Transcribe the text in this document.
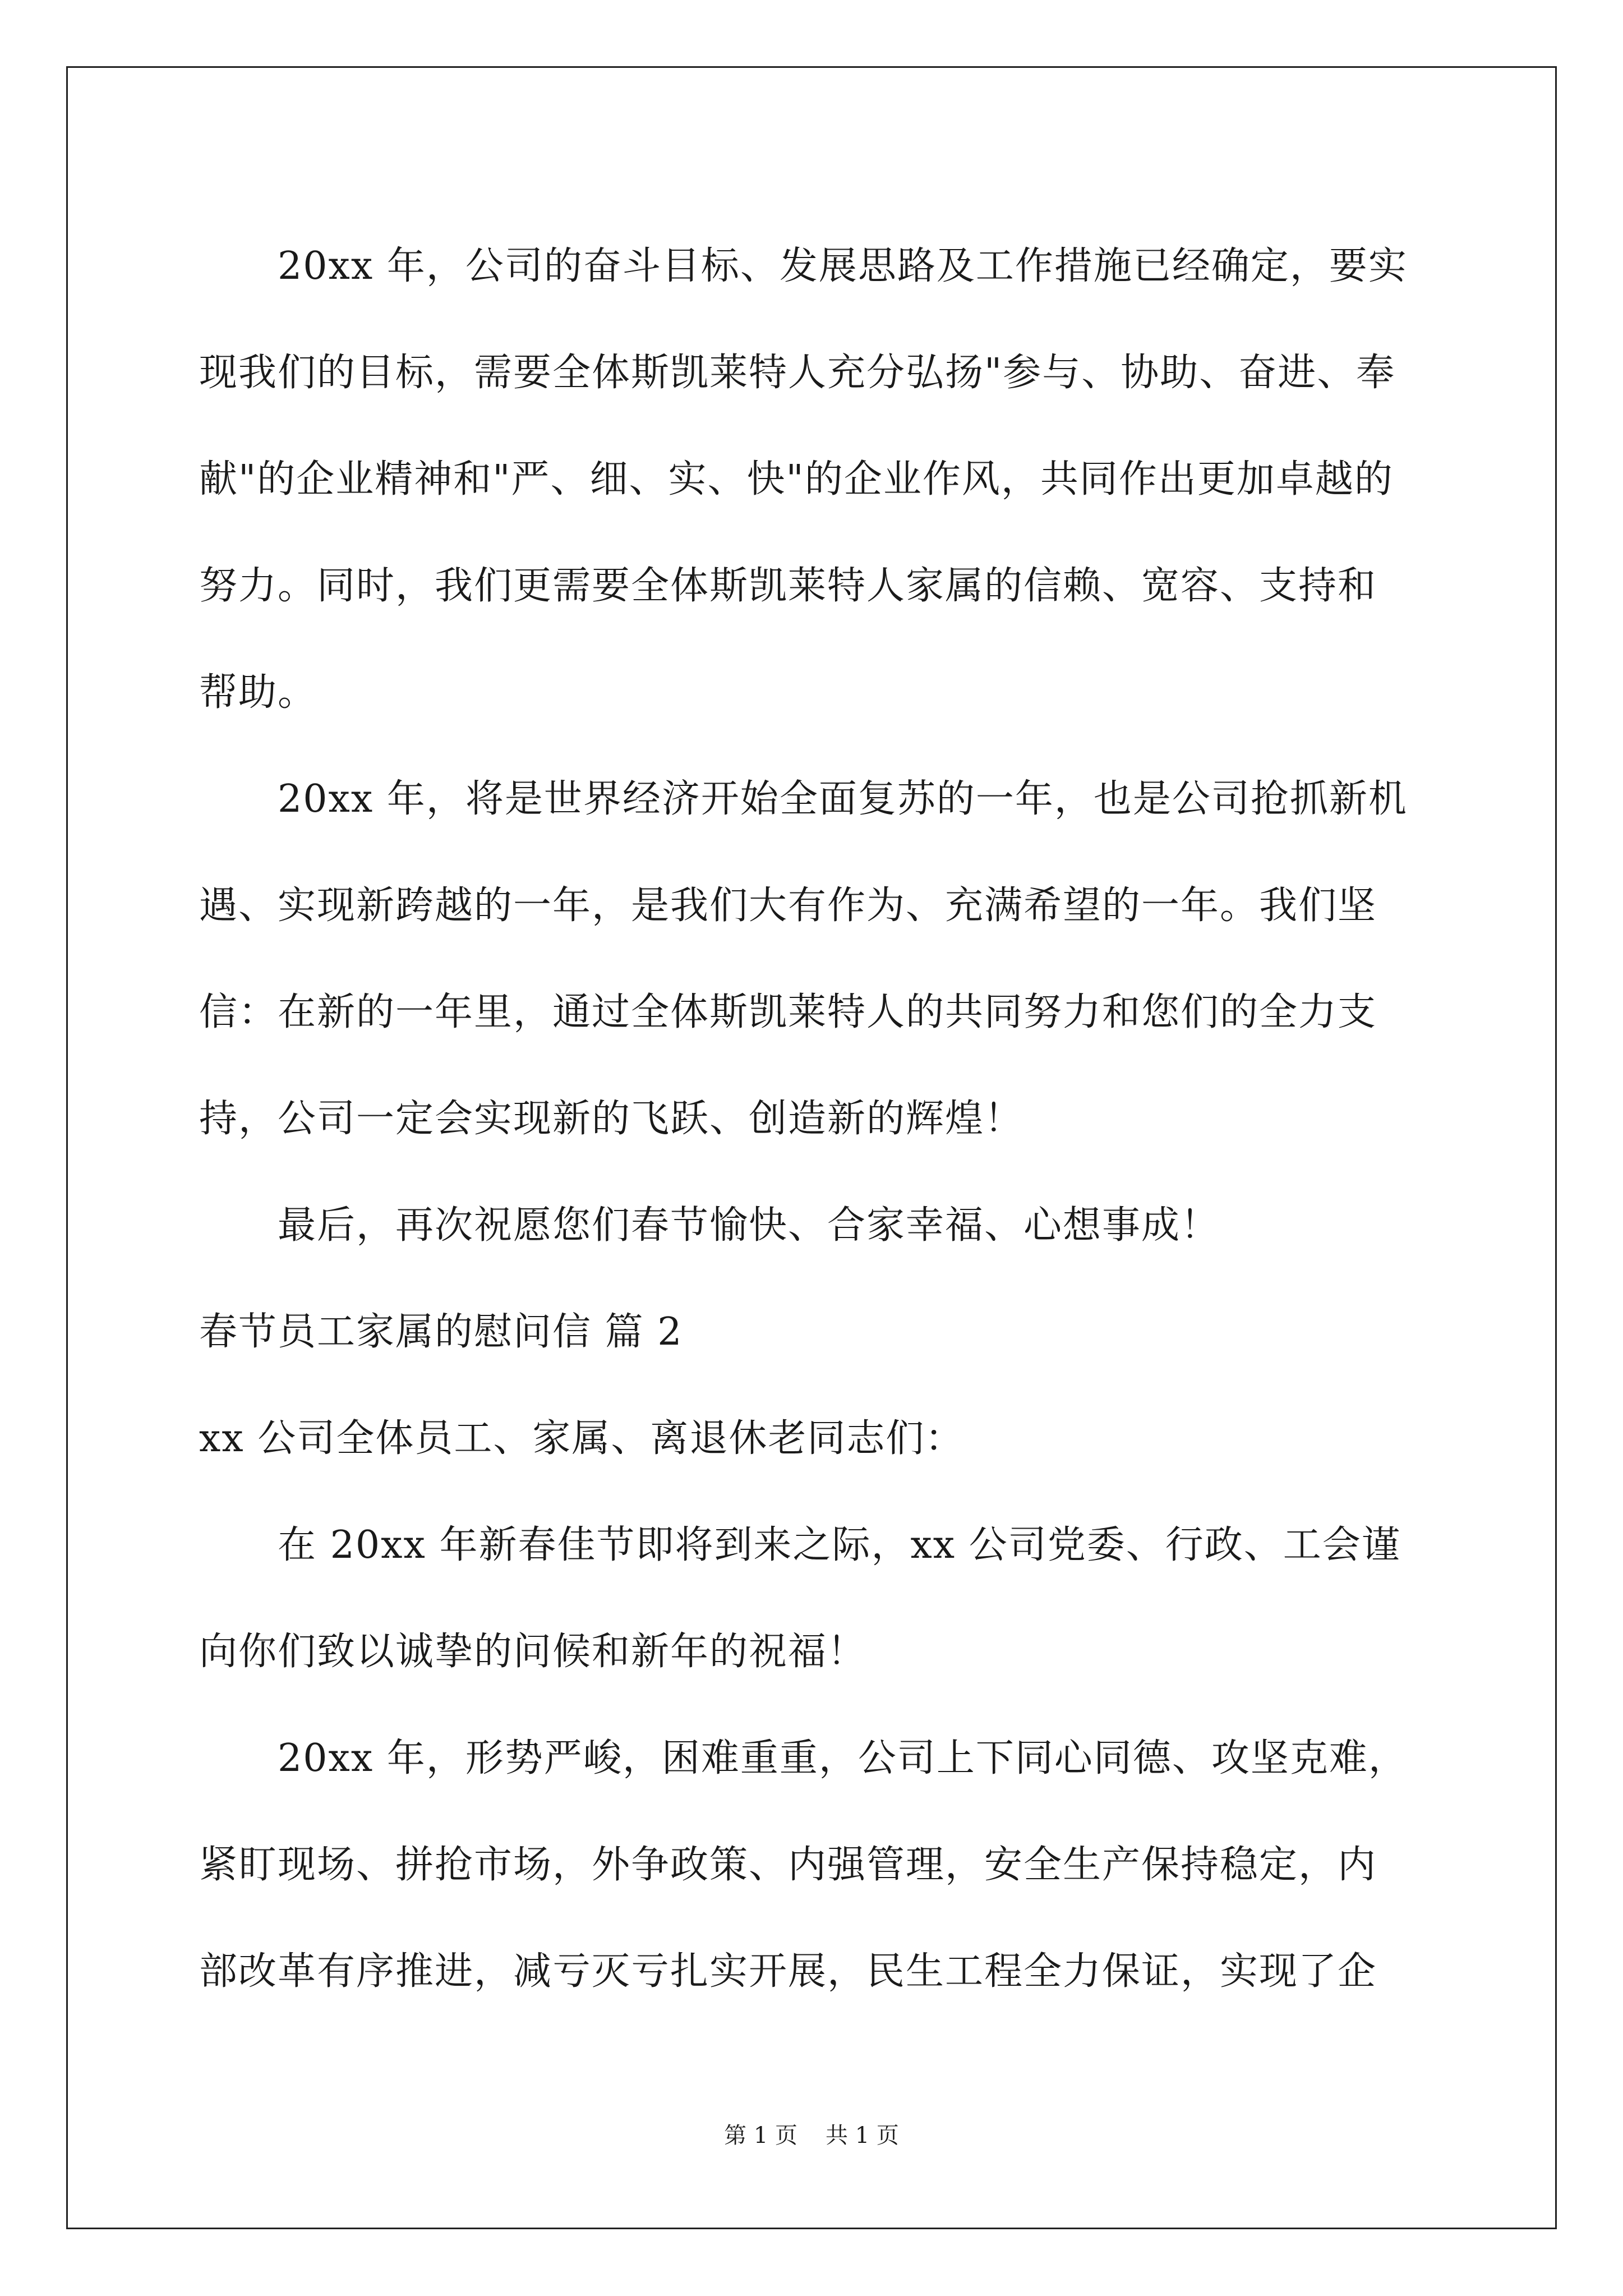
20xx 年，公司的奋斗目标、发展思路及工作措施已经确定，要实
现我们的目标，需要全体斯凯莱特人充分弘扬"参与、协助、奋进、奉
献"的企业精神和"严、细、实、快"的企业作风，共同作出更加卓越的
努力。同时，我们更需要全体斯凯莱特人家属的信赖、宽容、支持和
帮助。
20xx 年，将是世界经济开始全面复苏的一年，也是公司抢抓新机
遇、实现新跨越的一年，是我们大有作为、充满希望的一年。我们坚
信：在新的一年里，通过全体斯凯莱特人的共同努力和您们的全力支
持，公司一定会实现新的飞跃、创造新的辉煌！
最后，再次祝愿您们春节愉快、合家幸福、心想事成！
春节员工家属的慰问信 篇 2
xx 公司全体员工、家属、离退休老同志们：
在 20xx 年新春佳节即将到来之际，xx 公司党委、行政、工会谨
向你们致以诚挚的问候和新年的祝福！
20xx 年，形势严峻，困难重重，公司上下同心同德、攻坚克难，
紧盯现场、拼抢市场，外争政策、内强管理，安全生产保持稳定，内
部改革有序推进，减亏灭亏扎实开展，民生工程全力保证，实现了企
第 1 页 共 1 页
